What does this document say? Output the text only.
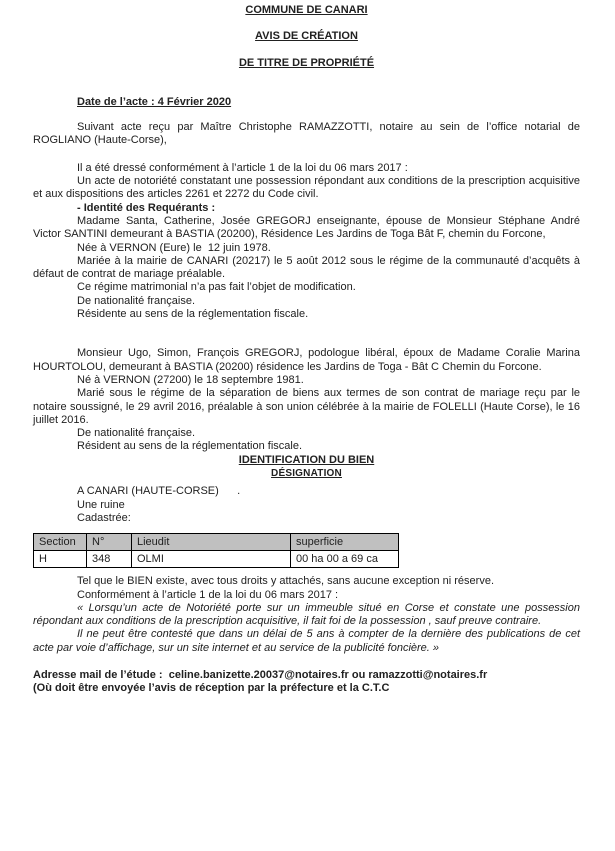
COMMUNE DE CANARI
AVIS DE CRÉATION
DE TITRE DE PROPRIÉTÉ
Date de l’acte : 4 Février 2020

Suivant acte reçu par Maître Christophe RAMAZZOTTI, notaire au sein de l’office notarial de ROGLIANO (Haute-Corse),

Il a été dressé conformément à l’article 1 de la loi du 06 mars 2017 :

Un acte de notoriété constatant une possession répondant aux conditions de la prescription acquisitive et aux dispositions des articles 2261 et 2272 du Code civil.

- Identité des Requérants :

Madame Santa, Catherine, Josée GREGORJ enseignante, épouse de Monsieur Stéphane André Victor SANTINI demeurant à BASTIA (20200), Résidence Les Jardins de Toga Bât F, chemin du Forcone,

Née à VERNON (Eure) le  12 juin 1978.

Mariée à la mairie de CANARI (20217) le 5 août 2012 sous le régime de la communauté d’acquêts à défaut de contrat de mariage préalable.

Ce régime matrimonial n’a pas fait l’objet de modification.

De nationalité française.

Résidente au sens de la réglementation fiscale.

Monsieur Ugo, Simon, François GREGORJ, podologue libéral, époux de Madame Coralie Marina HOURTOLOU, demeurant à BASTIA (20200) résidence les Jardins de Toga - Bât C Chemin du Forcone.

Né à VERNON (27200) le 18 septembre 1981.

Marié sous le régime de la séparation de biens aux termes de son contrat de mariage reçu par le notaire soussigné, le 29 avril 2016, préalable à son union célébrée à la mairie de FOLELLI (Haute Corse), le 16 juillet 2016.

De nationalité française.

Résident au sens de la réglementation fiscale.

IDENTIFICATION DU BIEN
DÉSIGNATION

A CANARI (HAUTE-CORSE)      .

Une ruine

Cadastrée:

Section	N°	Lieudit	superficie
H	348	OLMI	00 ha 00 a 69 ca

Tel que le BIEN existe, avec tous droits y attachés, sans aucune exception ni réserve.

Conformément à l’article 1 de la loi du 06 mars 2017 :

« Lorsqu’un acte de Notoriété porte sur un immeuble situé en Corse et constate une possession répondant aux conditions de la prescription acquisitive, il fait foi de la possession , sauf preuve contraire.

Il ne peut être contesté que dans un délai de 5 ans à compter de la dernière des publications de cet acte par voie d’affichage, sur un site internet et au service de la publicité foncière. »

Adresse mail de l’étude :  celine.banizette.20037@notaires.fr ou ramazzotti@notaires.fr

(Où doit être envoyée l’avis de réception par la préfecture et la C.T.C
